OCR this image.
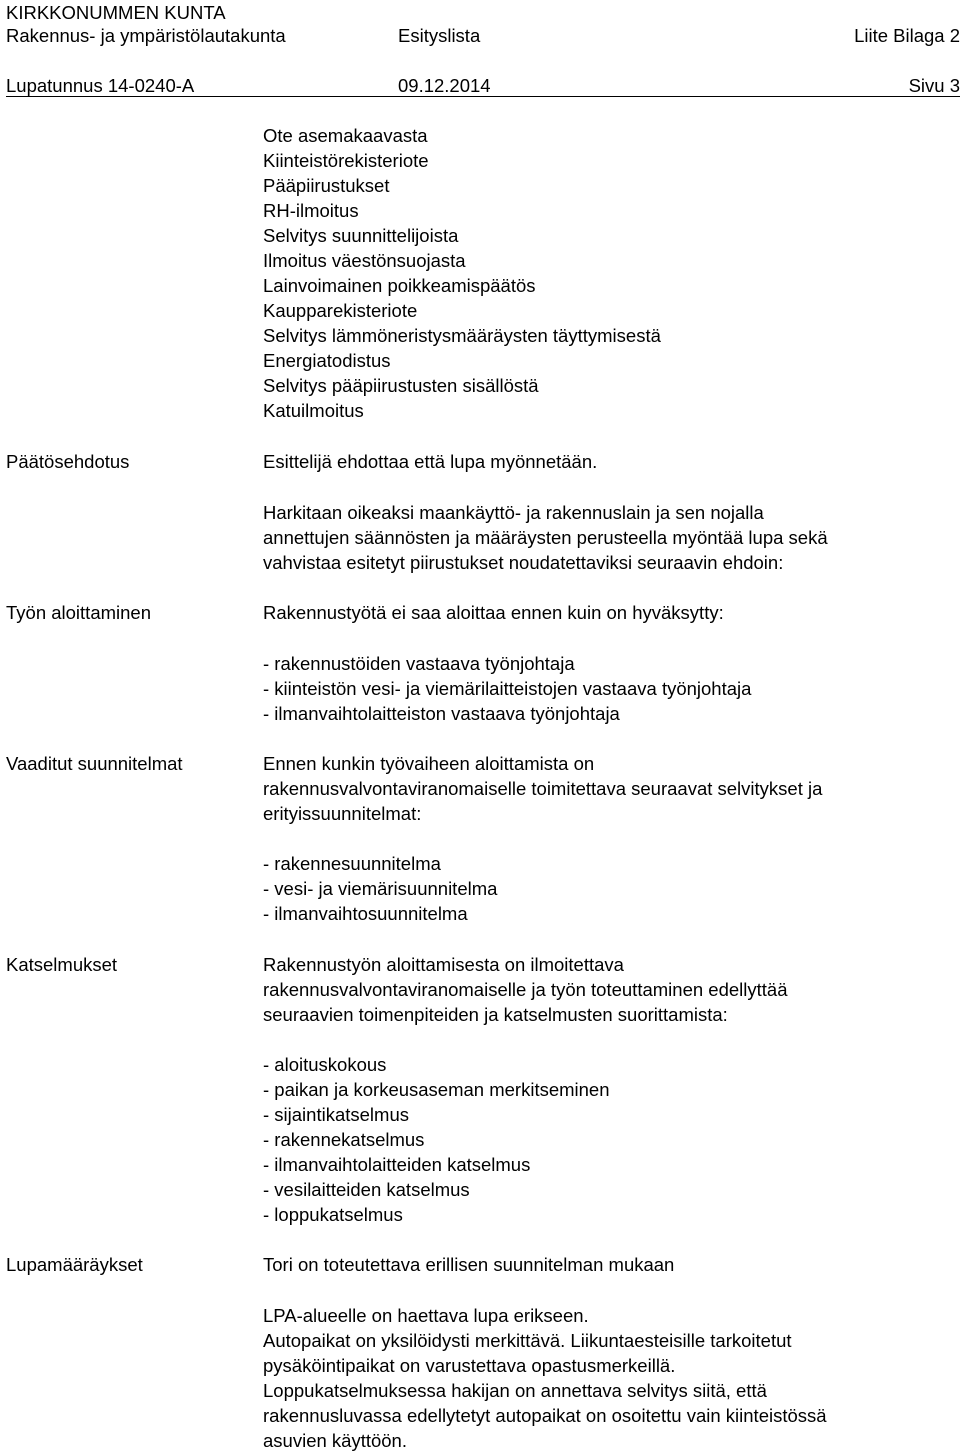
KIRKKONUMMEN KUNTA
Rakennus- ja ympäristölautakunta	Esityslista	Liite Bilaga 2
Lupatunnus 14-0240-A	09.12.2014	Sivu 3
Ote asemakaavasta
Kiinteistörekisteriote
Pääpiirustukset
RH-ilmoitus
Selvitys suunnittelijoista
Ilmoitus väestönsuojasta
Lainvoimainen poikkeamispäätös
Kaupparekisteriote
Selvitys lämmöneristysmääräysten täyttymisestä
Energiatodistus
Selvitys pääpiirustusten sisällöstä
Katuilmoitus
Päätösehdotus	Esittelijä ehdottaa että lupa myönnetään.
Harkitaan oikeaksi maankäyttö- ja rakennuslain ja sen nojalla
annettujen säännösten ja määräysten perusteella myöntää lupa sekä
vahvistaa esitetyt piirustukset noudatettaviksi seuraavin ehdoin:
Työn aloittaminen	Rakennustyötä ei saa aloittaa ennen kuin on hyväksytty:
- rakennustöiden vastaava työnjohtaja
- kiinteistön vesi- ja viemärilaitteistojen vastaava työnjohtaja
- ilmanvaihtolaitteiston vastaava työnjohtaja
Vaaditut suunnitelmat	Ennen kunkin työvaiheen aloittamista on
rakennusvalvontaviranomaiselle toimitettava seuraavat selvitykset ja
erityissuunnitelmat:
- rakennesuunnitelma
- vesi- ja viemärisuunnitelma
- ilmanvaihtosuunnitelma
Katselmukset	Rakennustyön aloittamisesta on ilmoitettava
rakennusvalvontaviranomaiselle ja työn toteuttaminen edellyttää
seuraavien toimenpiteiden ja katselmusten suorittamista:
- aloituskokous
- paikan ja korkeusaseman merkitseminen
- sijaintikatselmus
- rakennekatselmus
- ilmanvaihtolaitteiden katselmus
- vesilaitteiden katselmus
- loppukatselmus
Lupamääräykset	Tori on toteutettava erillisen suunnitelman mukaan
LPA-alueelle on haettava lupa erikseen.
Autopaikat on yksilöidysti merkittävä. Liikuntaesteisille tarkoitetut
pysäköintipaikat on varustettava opastusmerkeillä.
Loppukatselmuksessa hakijan on annettava selvitys siitä, että
rakennusluvassa edellytetyt autopaikat on osoitettu vain kiinteistössä
asuvien käyttöön.
